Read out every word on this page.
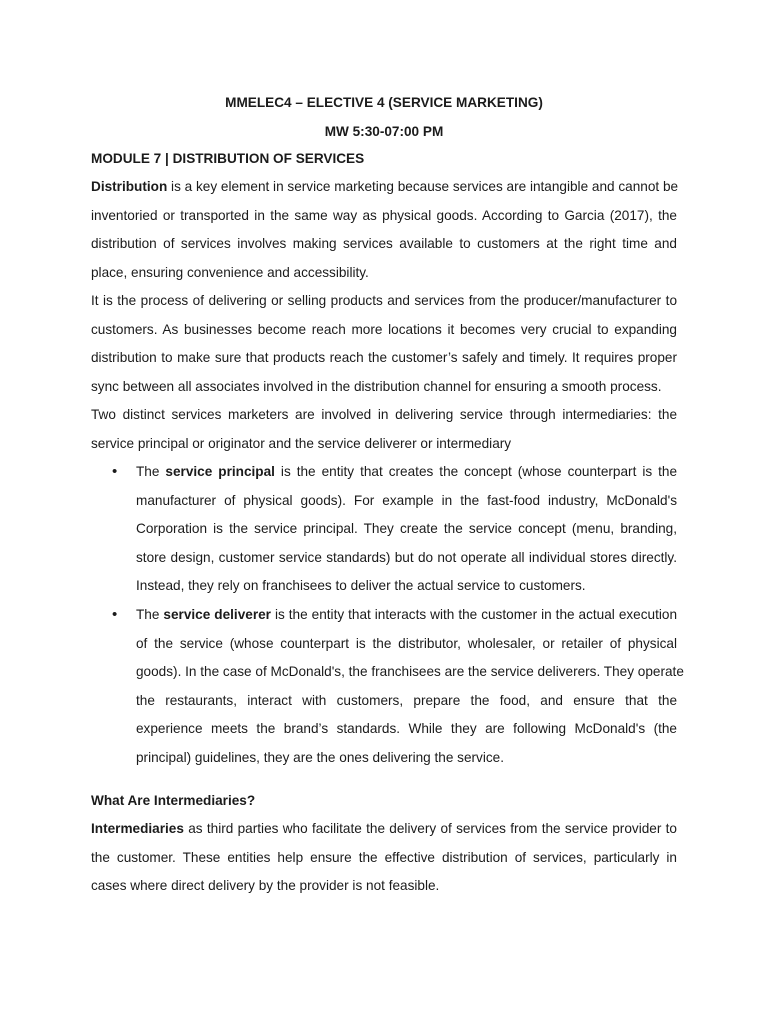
MMELEC4 – ELECTIVE 4 (SERVICE MARKETING)
MW 5:30-07:00 PM
MODULE 7 | DISTRIBUTION OF SERVICES
Distribution is a key element in service marketing because services are intangible and cannot be
inventoried or transported in the same way as physical goods. According to Garcia (2017), the
distribution of services involves making services available to customers at the right time and
place, ensuring convenience and accessibility.
It is the process of delivering or selling products and services from the producer/manufacturer to
customers. As businesses become reach more locations it becomes very crucial to expanding
distribution to make sure that products reach the customer’s safely and timely. It requires proper
sync between all associates involved in the distribution channel for ensuring a smooth process.
Two distinct services marketers are involved in delivering service through intermediaries: the
service principal or originator and the service deliverer or intermediary
•	The service principal is the entity that creates the concept (whose counterpart is the
manufacturer of physical goods). For example in the fast-food industry, McDonald's
Corporation is the service principal. They create the service concept (menu, branding,
store design, customer service standards) but do not operate all individual stores directly.
Instead, they rely on franchisees to deliver the actual service to customers.
•	The service deliverer is the entity that interacts with the customer in the actual execution
of the service (whose counterpart is the distributor, wholesaler, or retailer of physical
goods). In the case of McDonald's, the franchisees are the service deliverers. They operate
the restaurants, interact with customers, prepare the food, and ensure that the
experience meets the brand’s standards. While they are following McDonald's (the
principal) guidelines, they are the ones delivering the service.
What Are Intermediaries?
Intermediaries as third parties who facilitate the delivery of services from the service provider to
the customer. These entities help ensure the effective distribution of services, particularly in
cases where direct delivery by the provider is not feasible.
